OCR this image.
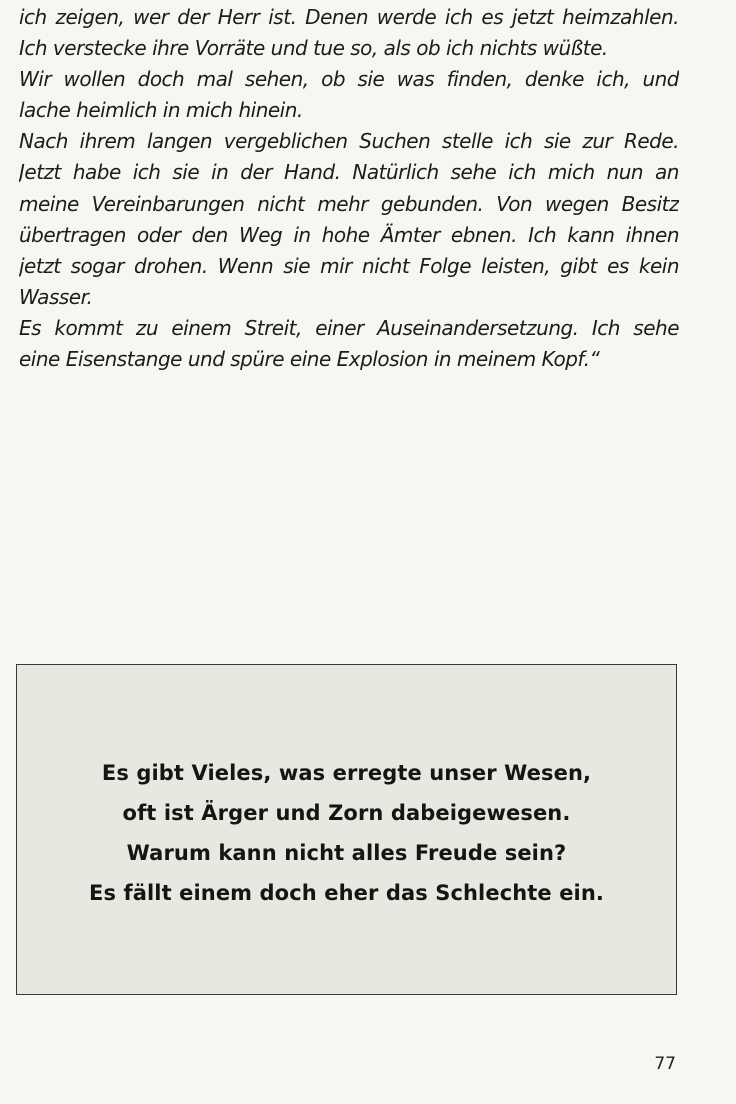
ich zeigen, wer der Herr ist. Denen werde ich es jetzt heimzahlen.
Ich verstecke ihre Vorräte und tue so, als ob ich nichts wüßte.
Wir wollen doch mal sehen, ob sie was finden, denke ich, und
lache heimlich in mich hinein.
Nach ihrem langen vergeblichen Suchen stelle ich sie zur Rede.
Jetzt habe ich sie in der Hand. Natürlich sehe ich mich nun an
meine Vereinbarungen nicht mehr gebunden. Von wegen Besitz
übertragen oder den Weg in hohe Ämter ebnen. Ich kann ihnen
jetzt sogar drohen. Wenn sie mir nicht Folge leisten, gibt es kein
Wasser.
Es kommt zu einem Streit, einer Auseinandersetzung. Ich sehe
eine Eisenstange und spüre eine Explosion in meinem Kopf.“
Es gibt Vieles, was erregte unser Wesen,
oft ist Ärger und Zorn dabeigewesen.
Warum kann nicht alles Freude sein?
Es fällt einem doch eher das Schlechte ein.
77
